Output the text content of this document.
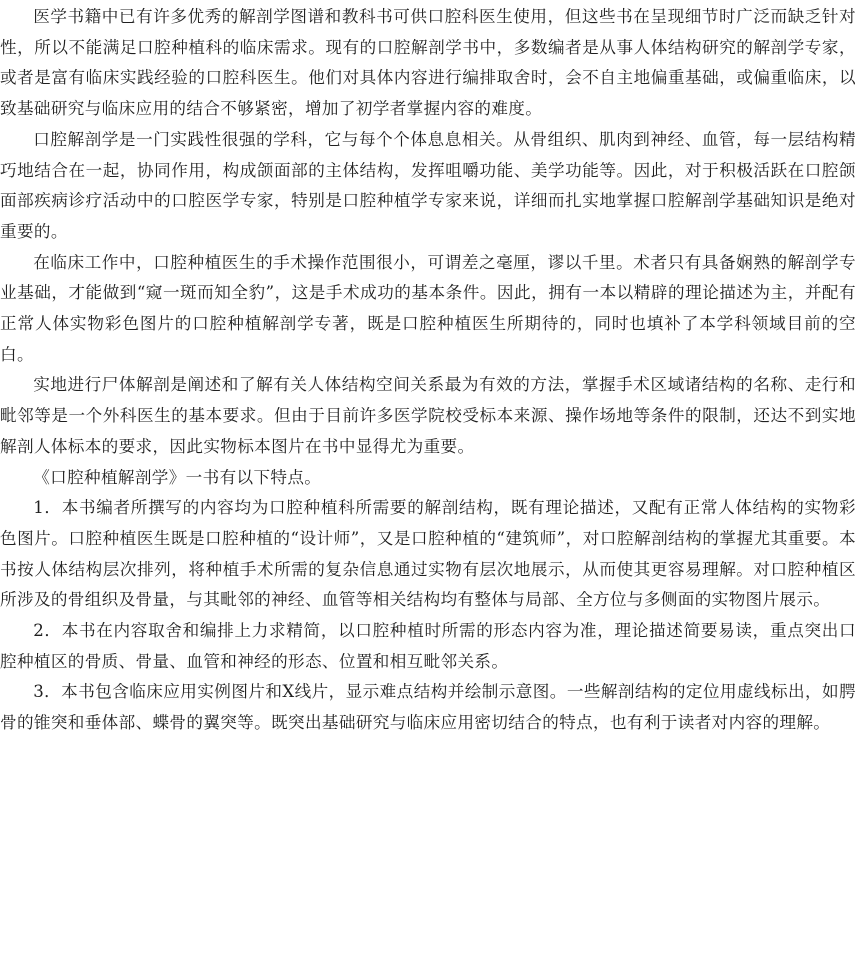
医学书籍中已有许多优秀的解剖学图谱和教科书可供口腔科医生使用，但这些书在呈现细节时广泛而缺乏针对性，所以不能满足口腔种植科的临床需求。现有的口腔解剖学书中，多数编者是从事人体结构研究的解剖学专家，或者是富有临床实践经验的口腔科医生。他们对具体内容进行编排取舍时，会不自主地偏重基础，或偏重临床，以致基础研究与临床应用的结合不够紧密，增加了初学者掌握内容的难度。

口腔解剖学是一门实践性很强的学科，它与每个个体息息相关。从骨组织、肌肉到神经、血管，每一层结构精巧地结合在一起，协同作用，构成颌面部的主体结构，发挥咀嚼功能、美学功能等。因此，对于积极活跃在口腔颌面部疾病诊疗活动中的口腔医学专家，特别是口腔种植学专家来说，详细而扎实地掌握口腔解剖学基础知识是绝对重要的。

在临床工作中，口腔种植医生的手术操作范围很小，可谓差之毫厘，谬以千里。术者只有具备娴熟的解剖学专业基础，才能做到“窥一斑而知全豹”，这是手术成功的基本条件。因此，拥有一本以精辟的理论描述为主，并配有正常人体实物彩色图片的口腔种植解剖学专著，既是口腔种植医生所期待的，同时也填补了本学科领域目前的空白。

实地进行尸体解剖是阐述和了解有关人体结构空间关系最为有效的方法，掌握手术区域诸结构的名称、走行和毗邻等是一个外科医生的基本要求。但由于目前许多医学院校受标本来源、操作场地等条件的限制，还达不到实地解剖人体标本的要求，因此实物标本图片在书中显得尤为重要。

《口腔种植解剖学》一书有以下特点。

1．本书编者所撰写的内容均为口腔种植科所需要的解剖结构，既有理论描述，又配有正常人体结构的实物彩色图片。口腔种植医生既是口腔种植的“设计师”，又是口腔种植的“建筑师”，对口腔解剖结构的掌握尤其重要。本书按人体结构层次排列，将种植手术所需的复杂信息通过实物有层次地展示，从而使其更容易理解。对口腔种植区所涉及的骨组织及骨量，与其毗邻的神经、血管等相关结构均有整体与局部、全方位与多侧面的实物图片展示。

2．本书在内容取舍和编排上力求精简，以口腔种植时所需的形态内容为准，理论描述简要易读，重点突出口腔种植区的骨质、骨量、血管和神经的形态、位置和相互毗邻关系。

3．本书包含临床应用实例图片和X线片，显示难点结构并绘制示意图。一些解剖结构的定位用虚线标出，如腭骨的锥突和垂体部、蝶骨的翼突等。既突出基础研究与临床应用密切结合的特点，也有利于读者对内容的理解。
